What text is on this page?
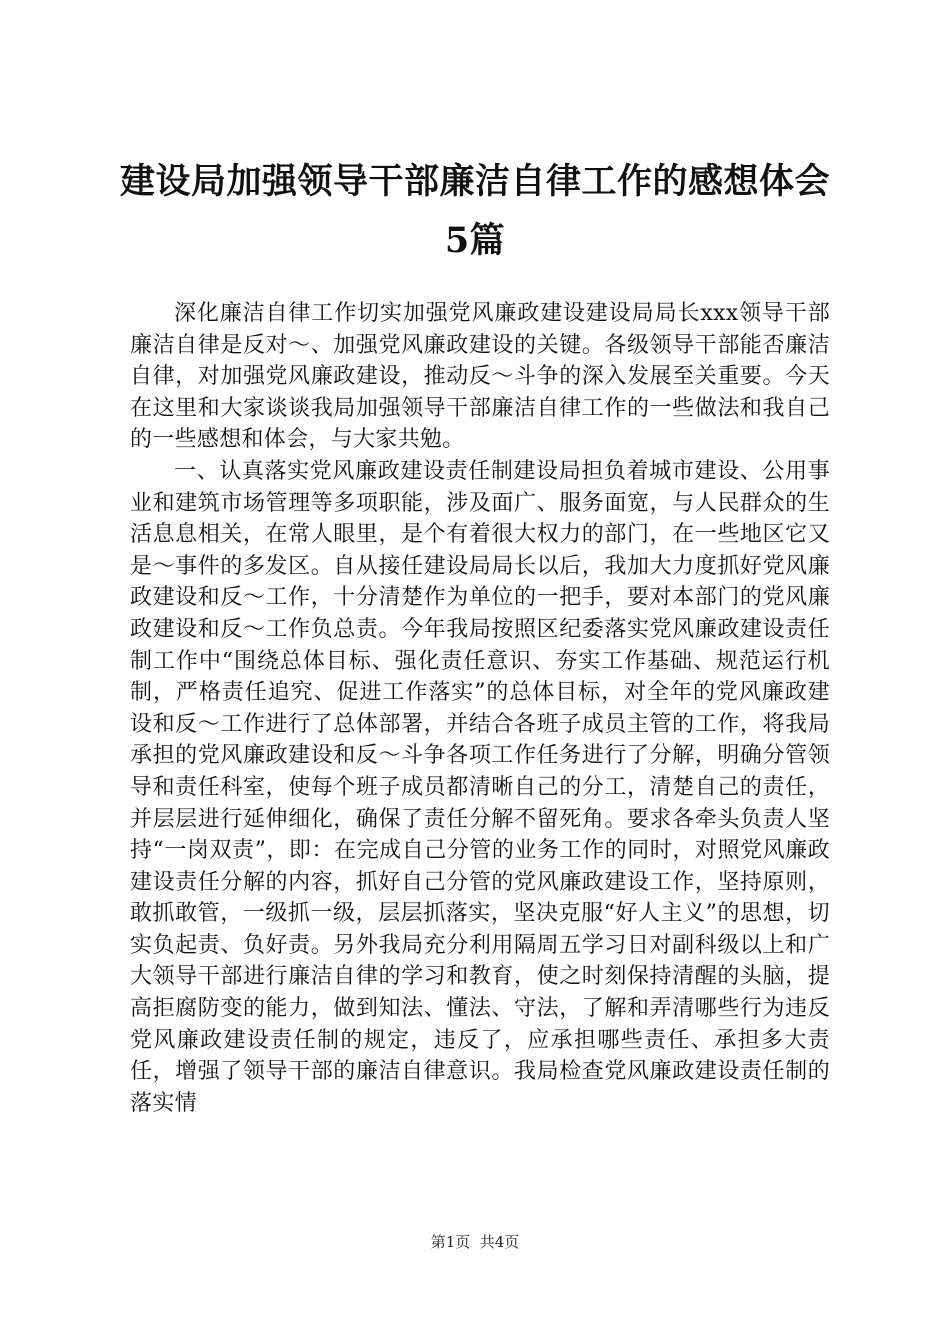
建设局加强领导干部廉洁自律工作的感想体会
5篇

深化廉洁自律工作切实加强党风廉政建设建设局局长xxx领导干部廉洁自律是反对～、加强党风廉政建设的关键。各级领导干部能否廉洁自律，对加强党风廉政建设，推动反～斗争的深入发展至关重要。今天在这里和大家谈谈我局加强领导干部廉洁自律工作的一些做法和我自己的一些感想和体会，与大家共勉。

一、认真落实党风廉政建设责任制建设局担负着城市建设、公用事业和建筑市场管理等多项职能，涉及面广、服务面宽，与人民群众的生活息息相关，在常人眼里，是个有着很大权力的部门，在一些地区它又是～事件的多发区。自从接任建设局局长以后，我加大力度抓好党风廉政建设和反～工作，十分清楚作为单位的一把手，要对本部门的党风廉政建设和反～工作负总责。今年我局按照区纪委落实党风廉政建设责任制工作中“围绕总体目标、强化责任意识、夯实工作基础、规范运行机制，严格责任追究、促进工作落实”的总体目标，对全年的党风廉政建设和反～工作进行了总体部署，并结合各班子成员主管的工作，将我局承担的党风廉政建设和反～斗争各项工作任务进行了分解，明确分管领导和责任科室，使每个班子成员都清晰自己的分工，清楚自己的责任，并层层进行延伸细化，确保了责任分解不留死角。要求各牵头负责人坚持“一岗双责”，即：在完成自己分管的业务工作的同时，对照党风廉政建设责任分解的内容，抓好自己分管的党风廉政建设工作，坚持原则，敢抓敢管，一级抓一级，层层抓落实，坚决克服“好人主义”的思想，切实负起责、负好责。另外我局充分利用隔周五学习日对副科级以上和广大领导干部进行廉洁自律的学习和教育，使之时刻保持清醒的头脑，提高拒腐防变的能力，做到知法、懂法、守法，了解和弄清哪些行为违反党风廉政建设责任制的规定，违反了，应承担哪些责任、承担多大责任，增强了领导干部的廉洁自律意识。我局检查党风廉政建设责任制的落实情

第1页  共4页
